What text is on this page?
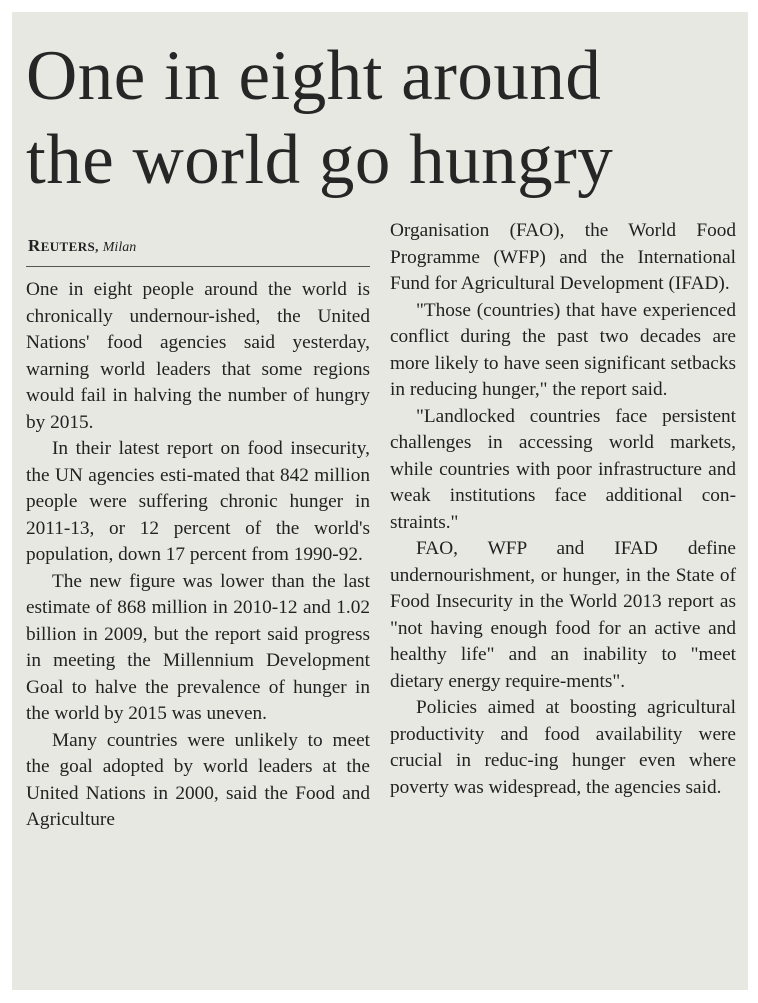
One in eight around
the world go hungry
REUTERS, Milan

One in eight people around the world is chronically undernour-ished, the United Nations' food agencies said yesterday, warning world leaders that some regions would fail in halving the number of hungry by 2015.

In their latest report on food insecurity, the UN agencies esti-mated that 842 million people were suffering chronic hunger in 2011-13, or 12 percent of the world's population, down 17 percent from 1990-92.

The new figure was lower than the last estimate of 868 million in 2010-12 and 1.02 billion in 2009, but the report said progress in meeting the Millennium Development Goal to halve the prevalence of hunger in the world by 2015 was uneven.

Many countries were unlikely to meet the goal adopted by world leaders at the United Nations in 2000, said the Food and Agriculture

Organisation (FAO), the World Food Programme (WFP) and the International Fund for Agricultural Development (IFAD).

"Those (countries) that have experienced conflict during the past two decades are more likely to have seen significant setbacks in reducing hunger," the report said.

"Landlocked countries face persistent challenges in accessing world markets, while countries with poor infrastructure and weak institutions face additional con-straints."

FAO, WFP and IFAD define undernourishment, or hunger, in the State of Food Insecurity in the World 2013 report as "not having enough food for an active and healthy life" and an inability to "meet dietary energy require-ments".

Policies aimed at boosting agricultural productivity and food availability were crucial in reduc-ing hunger even where poverty was widespread, the agencies said.
